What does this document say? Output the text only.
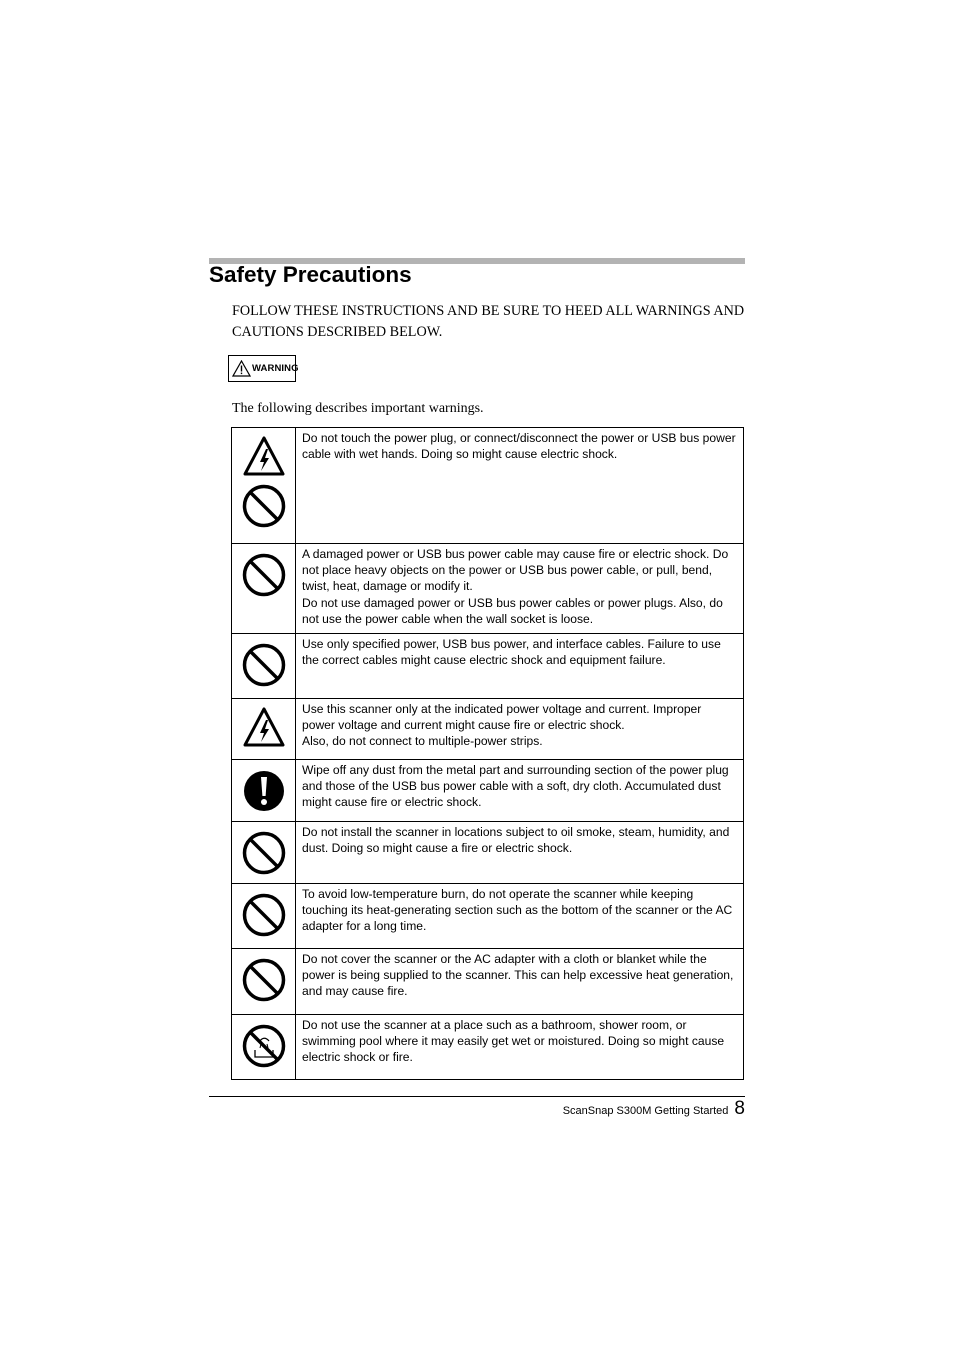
Safety Precautions

FOLLOW THESE INSTRUCTIONS AND BE SURE TO HEED ALL WARNINGS AND CAUTIONS DESCRIBED BELOW.

WARNING

The following describes important warnings.

	Do not touch the power plug, or connect/disconnect the power or USB bus power cable with wet hands. Doing so might cause electric shock.

	A damaged power or USB bus power cable may cause fire or electric shock. Do not place heavy objects on the power or USB bus power cable, or pull, bend, twist, heat, damage or modify it.
Do not use damaged power or USB bus power cables or power plugs. Also, do not use the power cable when the wall socket is loose.

	Use only specified power, USB bus power, and interface cables. Failure to use the correct cables might cause electric shock and equipment failure.

	Use this scanner only at the indicated power voltage and current. Improper power voltage and current might cause fire or electric shock.
Also, do not connect to multiple-power strips.

	Wipe off any dust from the metal part and surrounding section of the power plug and those of the USB bus power cable with a soft, dry cloth. Accumulated dust might cause fire or electric shock.

	Do not install the scanner in locations subject to oil smoke, steam, humidity, and dust. Doing so might cause a fire or electric shock.

	To avoid low-temperature burn, do not operate the scanner while keeping touching its heat-generating section such as the bottom of the scanner or the AC adapter for a long time.

	Do not cover the scanner or the AC adapter with a cloth or blanket while the power is being supplied to the scanner. This can help excessive heat generation, and may cause fire.

	Do not use the scanner at a place such as a bathroom, shower room, or swimming pool where it may easily get wet or moistured. Doing so might cause electric shock or fire.
ScanSnap S300M Getting Started 8
